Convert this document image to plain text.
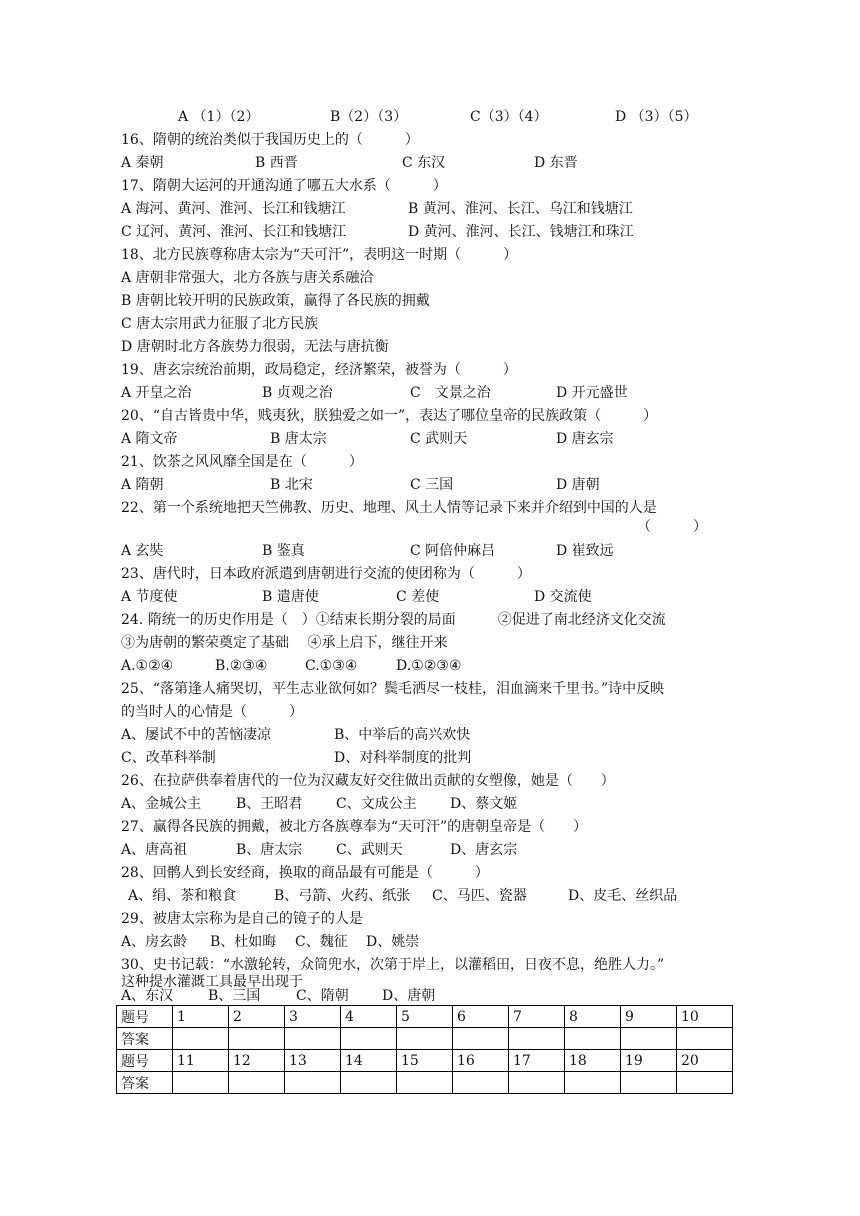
A （1）（2）	B（2）（3）	C（3）（4）	D （3）（5）
16、隋朝的统治类似于我国历史上的（　　　）
A 秦朝	B 西晋	C 东汉	D 东晋
17、隋朝大运河的开通沟通了哪五大水系（　　　）
A 海河、黄河、淮河、长江和钱塘江	B 黄河、淮河、长江、乌江和钱塘江
C 辽河、黄河、淮河、长江和钱塘江	D 黄河、淮河、长江、钱塘江和珠江
18、北方民族尊称唐太宗为“天可汗”，表明这一时期（　　　）
A 唐朝非常强大，北方各族与唐关系融洽
B 唐朝比较开明的民族政策，赢得了各民族的拥戴
C 唐太宗用武力征服了北方民族
D 唐朝时北方各族势力很弱，无法与唐抗衡
19、唐玄宗统治前期，政局稳定，经济繁荣，被誉为（　　　）
A 开皇之治	B 贞观之治	C　文景之治	D 开元盛世
20、“自古皆贵中华，贱夷狄，朕独爱之如一”，表达了哪位皇帝的民族政策（　　　）
A 隋文帝	B 唐太宗	C 武则天	D 唐玄宗
21、饮茶之风风靡全国是在（　　　）
A 隋朝	B 北宋	C 三国	D 唐朝
22、第一个系统地把天竺佛教、历史、地理、风土人情等记录下来并介绍到中国的人是
（　　　）
A 玄奘	B 鉴真	C 阿倍仲麻吕	D 崔致远
23、唐代时，日本政府派遣到唐朝进行交流的使团称为（　　　）
A 节度使	B 遣唐使	C 差使	D 交流使
24. 隋统一的历史作用是（　）①结束长期分裂的局面　　　②促进了南北经济文化交流
③为唐朝的繁荣奠定了基础　 ④承上启下，继往开来
A.①②④	B.②③④	C.①③④	D.①②③④
25、“落第逢人痛哭切，平生志业欲何如？鬓毛洒尽一枝桂，泪血滴来千里书。”诗中反映
的当时人的心情是（　　　）
A、屡试不中的苦恼凄凉	B、中举后的高兴欢快
C、改革科举制	D、对科举制度的批判
26、在拉萨供奉着唐代的一位为汉藏友好交往做出贡献的女塑像，她是（　　）
A、金城公主 B、王昭君 C、文成公主 D、蔡文姬
27、赢得各民族的拥戴，被北方各族尊奉为“天可汗”的唐朝皇帝是（　　）
A、唐高祖	B、唐太宗 C、武则天	D、唐玄宗
28、回鹘人到长安经商，换取的商品最有可能是（　　　）
A、绢、茶和粮食	B、弓箭、火药、纸张 C、马匹、瓷器	D、皮毛、丝织品
29、被唐太宗称为是自己的镜子的人是
A、房玄龄 B、杜如晦 C、魏征 D、姚崇
30、史书记载：“水激轮转，众筒兜水，次第于岸上，以灌稻田，日夜不息，绝胜人力。”
这种提水灌溉工具最早出现于
A、东汉 B、三国	C、隋朝 D、唐朝
题号	1	2	3	4	5	6	7	8	9	10
答案										
题号	11	12	13	14	15	16	17	18	19	20
答案										
